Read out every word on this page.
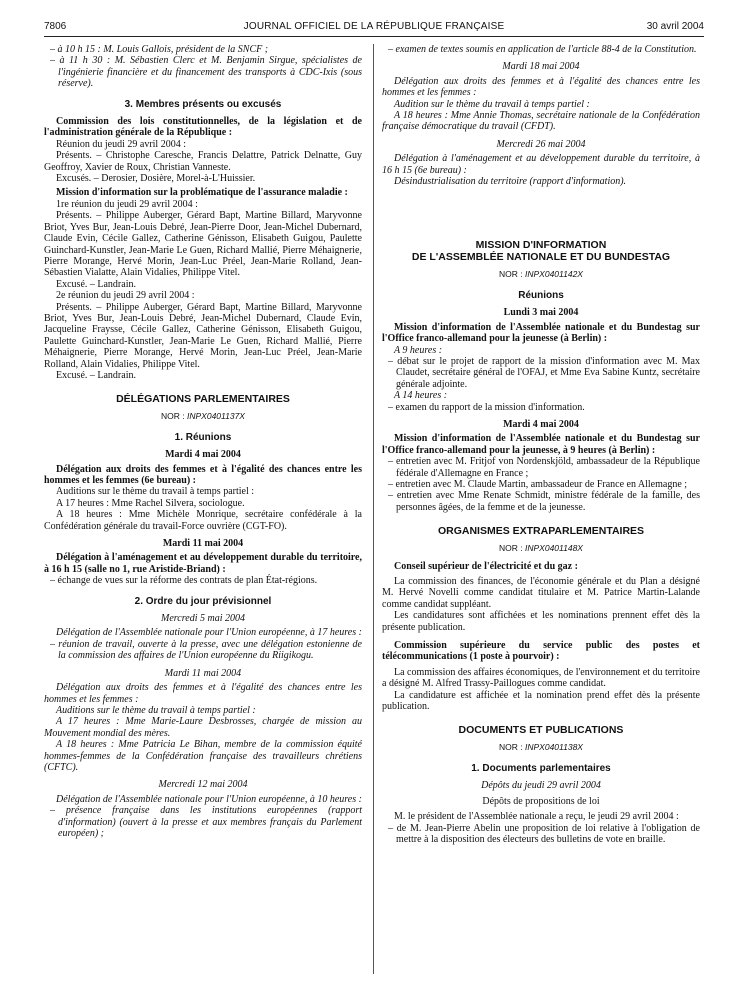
7806	JOURNAL OFFICIEL DE LA RÉPUBLIQUE FRANÇAISE	30 avril 2004

– à 10 h 15 : M. Louis Gallois, président de la SNCF ;

– à 11 h 30 : M. Sébastien Clerc et M. Benjamin Sirgue, spécialistes de l'ingénierie financière et du financement des transports à CDC-Ixis (sous réserve).

3. Membres présents ou excusés

Commission des lois constitutionnelles, de la législation et de l'administration générale de la République :

Réunion du jeudi 29 avril 2004 :

Présents. – Christophe Caresche, Francis Delattre, Patrick Delnatte, Guy Geoffroy, Xavier de Roux, Christian Vanneste.

Excusés. – Derosier, Dosière, Morel-à-L'Huissier.

Mission d'information sur la problématique de l'assurance maladie :

1re réunion du jeudi 29 avril 2004 :

Présents. – Philippe Auberger, Gérard Bapt, Martine Billard, Maryvonne Briot, Yves Bur, Jean-Louis Debré, Jean-Pierre Door, Jean-Michel Dubernard, Claude Evin, Cécile Gallez, Catherine Génisson, Elisabeth Guigou, Paulette Guinchard-Kunstler, Jean-Marie Le Guen, Richard Mallié, Pierre Méhaignerie, Pierre Morange, Hervé Morin, Jean-Luc Préel, Jean-Marie Rolland, Jean-Sébastien Vialatte, Alain Vidalies, Philippe Vitel.

Excusé. – Landrain.

2e réunion du jeudi 29 avril 2004 :

Présents. – Philippe Auberger, Gérard Bapt, Martine Billard, Maryvonne Briot, Yves Bur, Jean-Louis Debré, Jean-Michel Dubernard, Claude Evin, Jacqueline Fraysse, Cécile Gallez, Catherine Génisson, Elisabeth Guigou, Paulette Guinchard-Kunstler, Jean-Marie Le Guen, Richard Mallié, Pierre Méhaignerie, Pierre Morange, Hervé Morin, Jean-Luc Préel, Jean-Marie Rolland, Alain Vidalies, Philippe Vitel.

Excusé. – Landrain.

DÉLÉGATIONS PARLEMENTAIRES

NOR : INPX0401137X

1. Réunions

Mardi 4 mai 2004

Délégation aux droits des femmes et à l'égalité des chances entre les hommes et les femmes (6e bureau) :

Auditions sur le thème du travail à temps partiel :

A 17 heures : Mme Rachel Silvera, sociologue.

A 18 heures : Mme Michèle Monrique, secrétaire confédérale à la Confédération générale du travail-Force ouvrière (CGT-FO).

Mardi 11 mai 2004

Délégation à l'aménagement et au développement durable du territoire, à 16 h 15 (salle no 1, rue Aristide-Briand) :

– échange de vues sur la réforme des contrats de plan État-régions.

2. Ordre du jour prévisionnel

Mercredi 5 mai 2004

Délégation de l'Assemblée nationale pour l'Union européenne, à 17 heures :

– réunion de travail, ouverte à la presse, avec une délégation estonienne de la commission des affaires de l'Union européenne du Riigikogu.

Mardi 11 mai 2004

Délégation aux droits des femmes et à l'égalité des chances entre les hommes et les femmes :

Auditions sur le thème du travail à temps partiel :

A 17 heures : Mme Marie-Laure Desbrosses, chargée de mission au Mouvement mondial des mères.

A 18 heures : Mme Patricia Le Bihan, membre de la commission équité hommes-femmes de la Confédération française des travailleurs chrétiens (CFTC).

Mercredi 12 mai 2004

Délégation de l'Assemblée nationale pour l'Union européenne, à 10 heures :

– présence française dans les institutions européennes (rapport d'information) (ouvert à la presse et aux membres français du Parlement européen) ;

– examen de textes soumis en application de l'article 88-4 de la Constitution.

Mardi 18 mai 2004

Délégation aux droits des femmes et à l'égalité des chances entre les hommes et les femmes :

Audition sur le thème du travail à temps partiel :

A 18 heures : Mme Annie Thomas, secrétaire nationale de la Confédération française démocratique du travail (CFDT).

Mercredi 26 mai 2004

Délégation à l'aménagement et au développement durable du territoire, à 16 h 15 (6e bureau) :

Désindustrialisation du territoire (rapport d'information).

MISSION D'INFORMATION

DE L'ASSEMBLÉE NATIONALE ET DU BUNDESTAG

NOR : INPX0401142X

Réunions

Lundi 3 mai 2004

Mission d'information de l'Assemblée nationale et du Bundestag sur l'Office franco-allemand pour la jeunesse (à Berlin) :

A 9 heures :

– débat sur le projet de rapport de la mission d'information avec M. Max Claudet, secrétaire général de l'OFAJ, et Mme Eva Sabine Kuntz, secrétaire générale adjointe.

A 14 heures :

– examen du rapport de la mission d'information.

Mardi 4 mai 2004

Mission d'information de l'Assemblée nationale et du Bundestag sur l'Office franco-allemand pour la jeunesse, à 9 heures (à Berlin) :

– entretien avec M. Fritjof von Nordenskjöld, ambassadeur de la République fédérale d'Allemagne en France ;

– entretien avec M. Claude Martin, ambassadeur de France en Allemagne ;

– entretien avec Mme Renate Schmidt, ministre fédérale de la famille, des personnes âgées, de la femme et de la jeunesse.

ORGANISMES EXTRAPARLEMENTAIRES

NOR : INPX0401148X

Conseil supérieur de l'électricité et du gaz :

La commission des finances, de l'économie générale et du Plan a désigné M. Hervé Novelli comme candidat titulaire et M. Patrice Martin-Lalande comme candidat suppléant.

Les candidatures sont affichées et les nominations prennent effet dès la présente publication.

Commission supérieure du service public des postes et télécommunications (1 poste à pourvoir) :

La commission des affaires économiques, de l'environnement et du territoire a désigné M. Alfred Trassy-Paillogues comme candidat.

La candidature est affichée et la nomination prend effet dès la présente publication.

DOCUMENTS ET PUBLICATIONS

NOR : INPX0401138X

1. Documents parlementaires

Dépôts du jeudi 29 avril 2004

Dépôts de propositions de loi

M. le président de l'Assemblée nationale a reçu, le jeudi 29 avril 2004 :

– de M. Jean-Pierre Abelin une proposition de loi relative à l'obligation de mettre à la disposition des électeurs des bulletins de vote en braille.
